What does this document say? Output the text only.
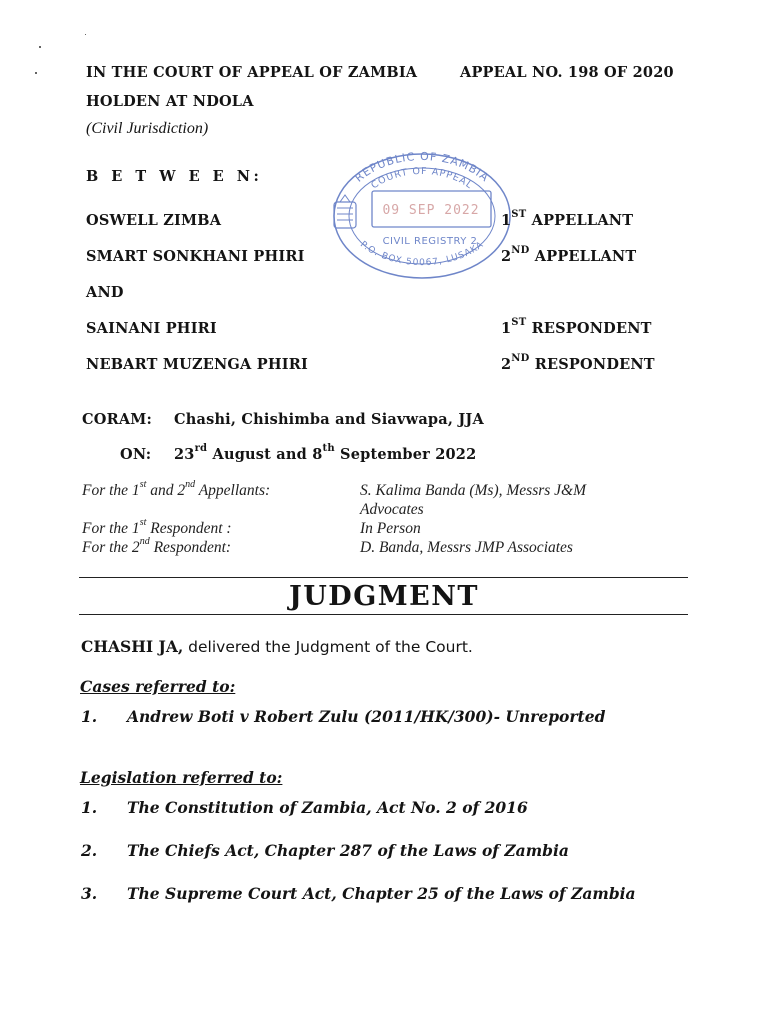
IN THE COURT OF APPEAL OF ZAMBIA	APPEAL NO. 198 OF 2020
HOLDEN AT NDOLA
(Civil Jurisdiction)
B E T W E E N:	REPUBLIC OF ZAMBIA
COURT OF APPEAL
P.O. BOX 50067, LUSAKA
09 SEP 2022
CIVIL REGISTRY 2
OSWELL ZIMBA	1ST APPELLANT
SMART SONKHANI PHIRI	2ND APPELLANT
AND
SAINANI PHIRI	1ST RESPONDENT
NEBART MUZENGA PHIRI	2ND RESPONDENT
CORAM: Chashi, Chishimba and Siavwapa, JJA
ON: 23rd August and 8th September 2022
For the 1st and 2nd Appellants:	S. Kalima Banda (Ms), Messrs J&M
Advocates
For the 1st Respondent :	In Person
For the 2nd Respondent:	D. Banda, Messrs JMP Associates
JUDGMENT
CHASHI JA, delivered the Judgment of the Court.
Cases referred to:
1. Andrew Boti v Robert Zulu (2011/HK/300)- Unreported
Legislation referred to:
1. The Constitution of Zambia, Act No. 2 of 2016
2. The Chiefs Act, Chapter 287 of the Laws of Zambia
3. The Supreme Court Act, Chapter 25 of the Laws of Zambia
